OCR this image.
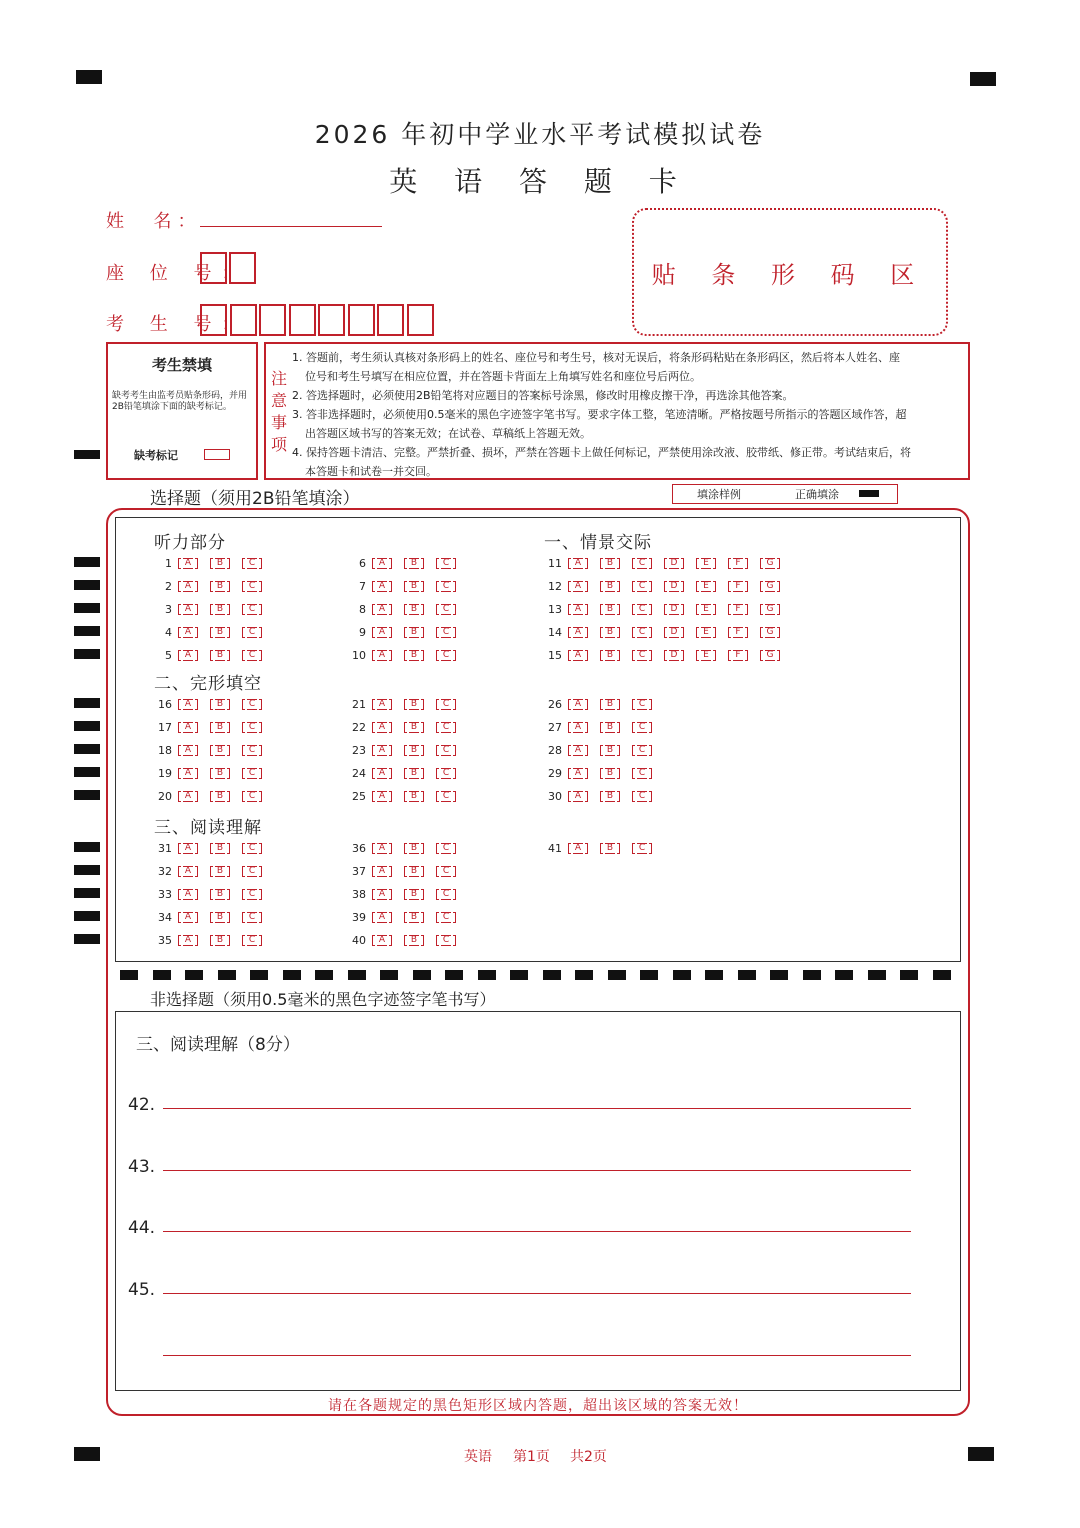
2026 年初中学业水平考试模拟试卷
英 语 答 题 卡
姓  名：
座 位 号：
考 生 号：
贴 条 形 码 区
考生禁填
缺考考生由监考员贴条形码，并用2B铅笔填涂下面的缺考标记。
缺考标记
注
意
事
项
1. 答题前，考生须认真核对条形码上的姓名、座位号和考生号，核对无误后，将条形码粘贴在条形码区，然后将本人姓名、座
位号和考生号填写在相应位置，并在答题卡背面左上角填写姓名和座位号后两位。
2. 答选择题时，必须使用2B铅笔将对应题目的答案标号涂黑，修改时用橡皮擦干净，再选涂其他答案。
3. 答非选择题时，必须使用0.5毫米的黑色字迹签字笔书写。要求字体工整，笔迹清晰。严格按题号所指示的答题区域作答，超
出答题区域书写的答案无效；在试卷、草稿纸上答题无效。
4. 保持答题卡清洁、完整。严禁折叠、损坏，严禁在答题卡上做任何标记，严禁使用涂改液、胶带纸、修正带。考试结束后，将
本答题卡和试卷一并交回。
选择题（须用2B铅笔填涂）	填涂样例	正确填涂
听力部分	一、情景交际
二、完形填空
三、阅读理解
1	A	B	C
2	A	B	C
3	A	B	C
4	A	B	C
5	A	B	C
6	A	B	C
7	A	B	C
8	A	B	C
9	A	B	C
10	A	B	C
11	A	B	C	D	E	F	G
12	A	B	C	D	E	F	G
13	A	B	C	D	E	F	G
14	A	B	C	D	E	F	G
15	A	B	C	D	E	F	G
16	A	B	C
17	A	B	C
18	A	B	C
19	A	B	C
20	A	B	C
21	A	B	C
22	A	B	C
23	A	B	C
24	A	B	C
25	A	B	C
26	A	B	C
27	A	B	C
28	A	B	C
29	A	B	C
30	A	B	C
31	A	B	C
32	A	B	C
33	A	B	C
34	A	B	C
35	A	B	C
36	A	B	C
37	A	B	C
38	A	B	C
39	A	B	C
40	A	B	C
41	A	B	C
非选择题（须用0.5毫米的黑色字迹签字笔书写）
三、阅读理解（8分）
42.
43.
44.
45.
请在各题规定的黑色矩形区域内答题，超出该区域的答案无效！
英语 第1页 共2页
